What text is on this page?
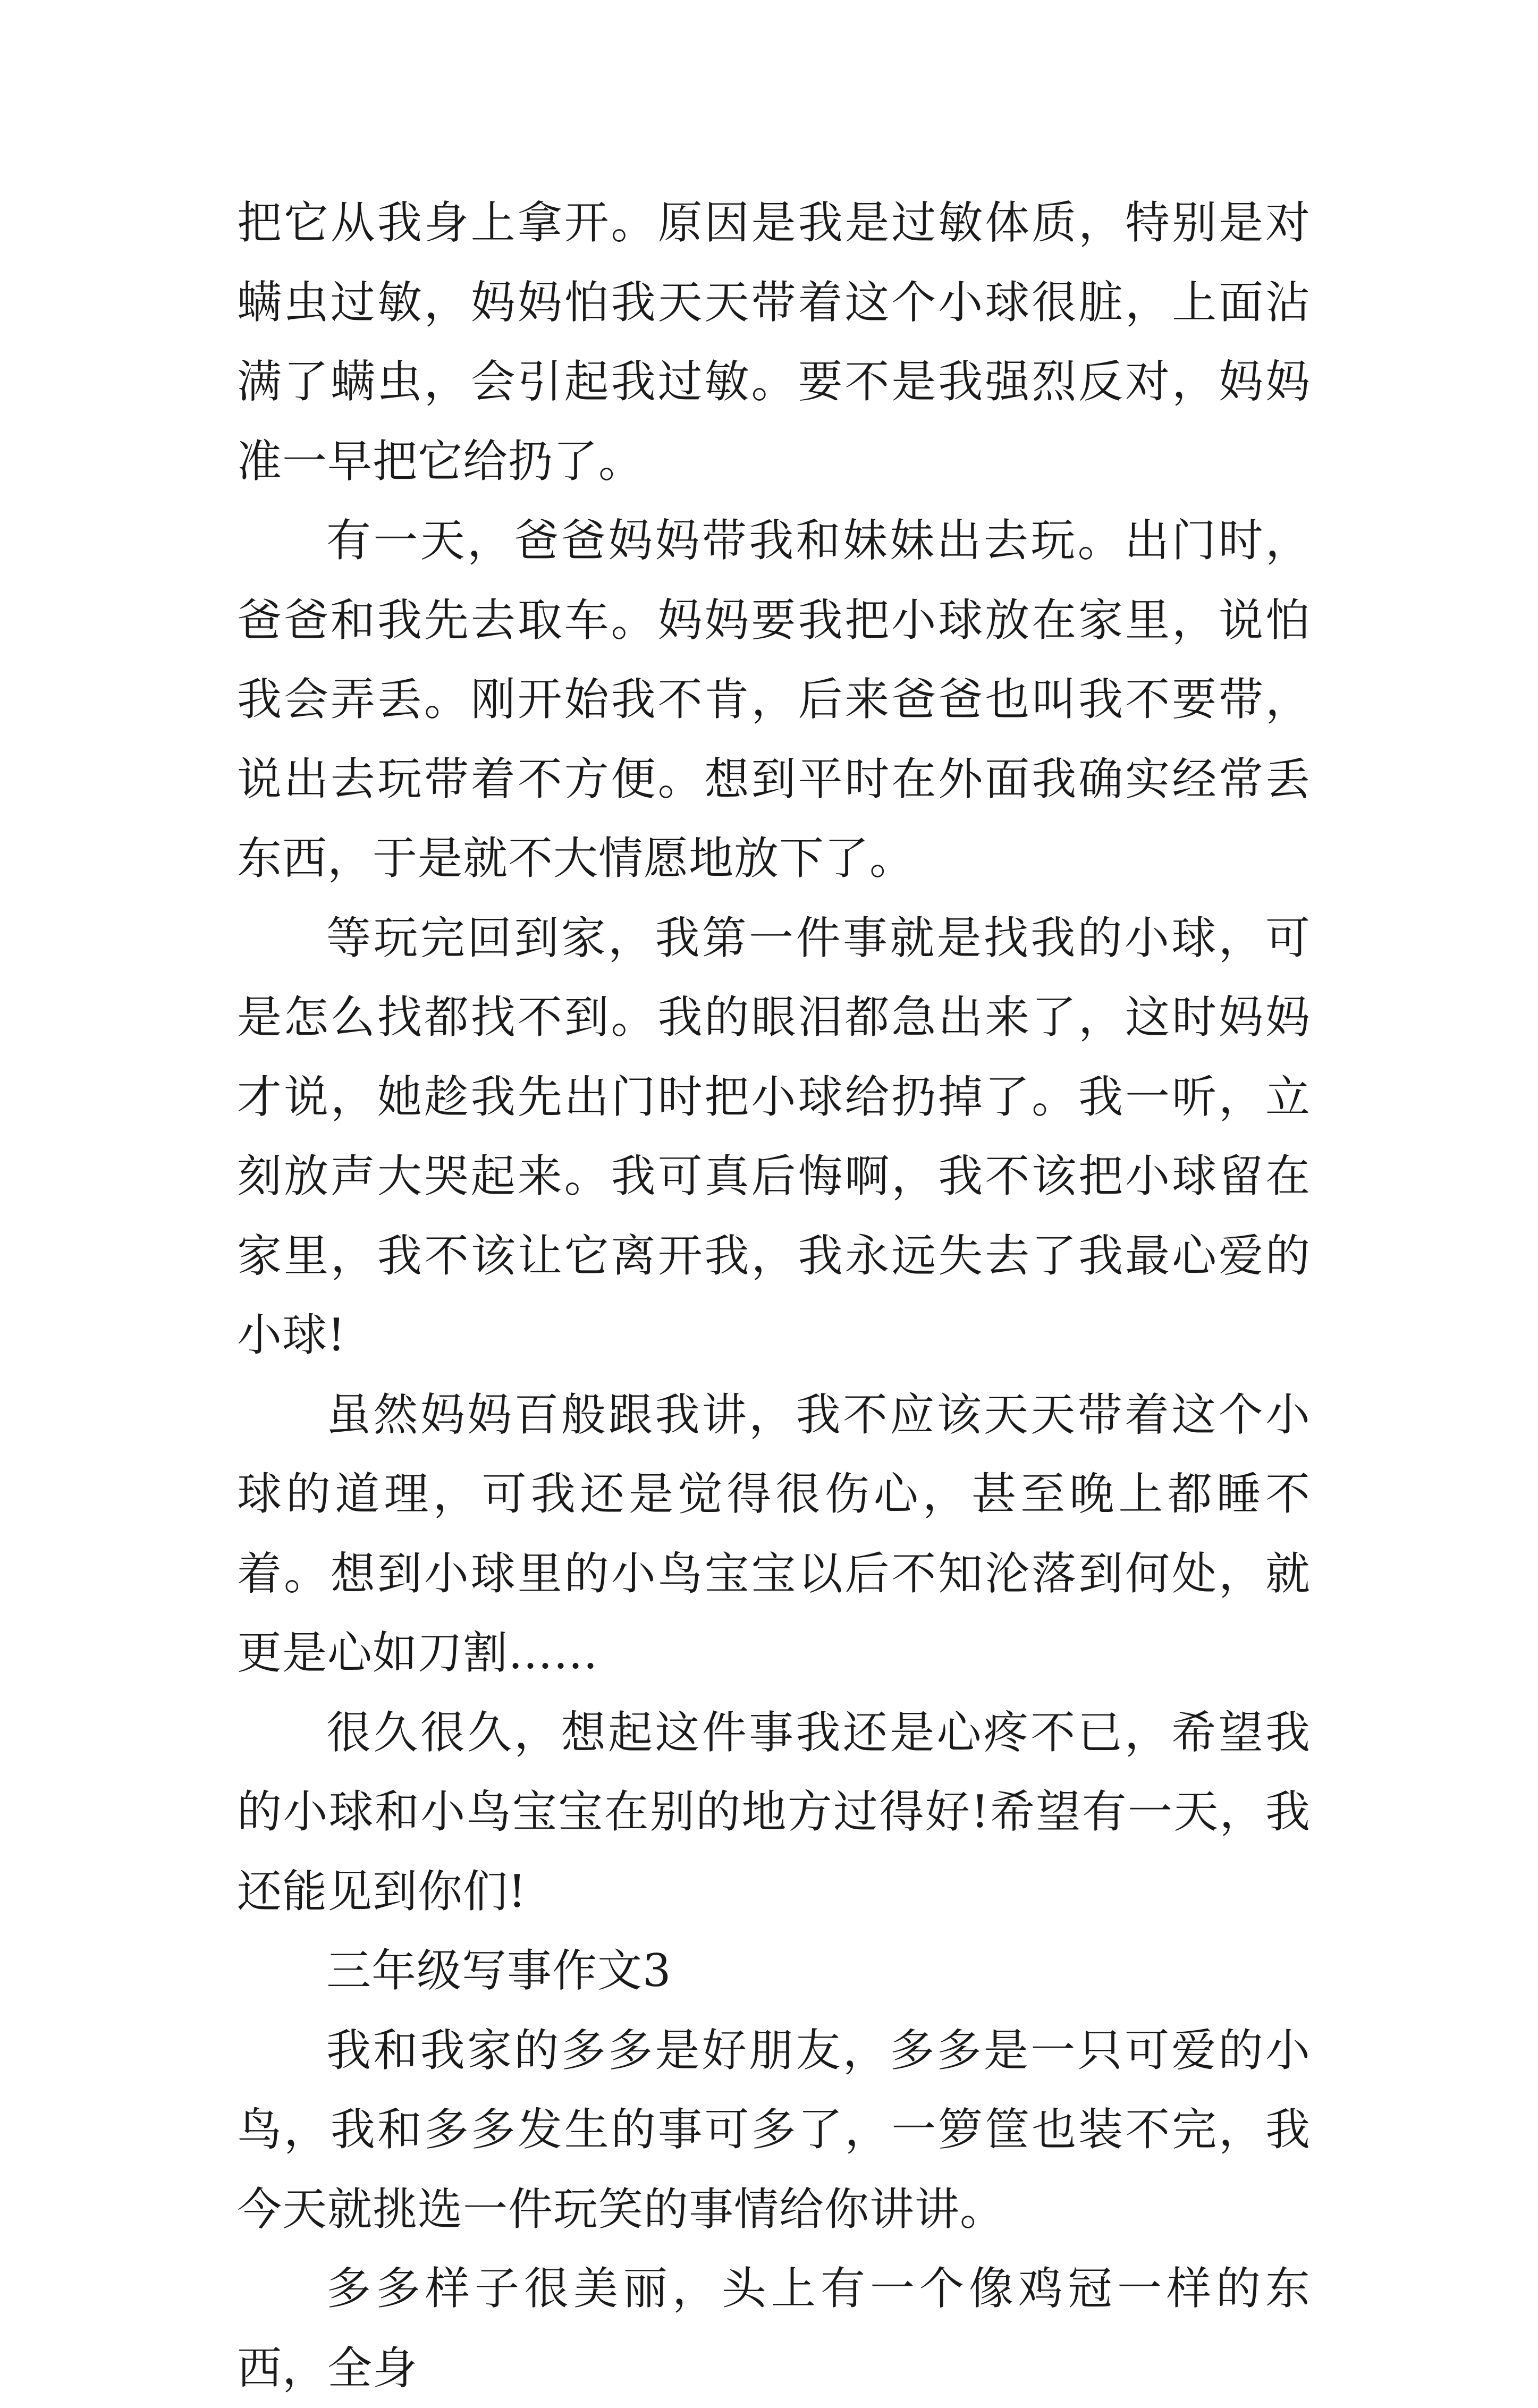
把它从我身上拿开。原因是我是过敏体质，特别是对螨虫过敏，妈妈怕我天天带着这个小球很脏，上面沾满了螨虫，会引起我过敏。要不是我强烈反对，妈妈准一早把它给扔了。

有一天，爸爸妈妈带我和妹妹出去玩。出门时，爸爸和我先去取车。妈妈要我把小球放在家里，说怕我会弄丢。刚开始我不肯，后来爸爸也叫我不要带，说出去玩带着不方便。想到平时在外面我确实经常丢东西，于是就不大情愿地放下了。

等玩完回到家，我第一件事就是找我的小球，可是怎么找都找不到。我的眼泪都急出来了，这时妈妈才说，她趁我先出门时把小球给扔掉了。我一听，立刻放声大哭起来。我可真后悔啊，我不该把小球留在家里，我不该让它离开我，我永远失去了我最心爱的小球!

虽然妈妈百般跟我讲，我不应该天天带着这个小球的道理，可我还是觉得很伤心，甚至晚上都睡不着。想到小球里的小鸟宝宝以后不知沦落到何处，就更是心如刀割……

很久很久，想起这件事我还是心疼不已，希望我的小球和小鸟宝宝在别的地方过得好!希望有一天，我还能见到你们!

三年级写事作文3

我和我家的多多是好朋友，多多是一只可爱的小鸟，我和多多发生的事可多了，一箩筐也装不完，我今天就挑选一件玩笑的事情给你讲讲。

多多样子很美丽，头上有一个像鸡冠一样的东西，全身
